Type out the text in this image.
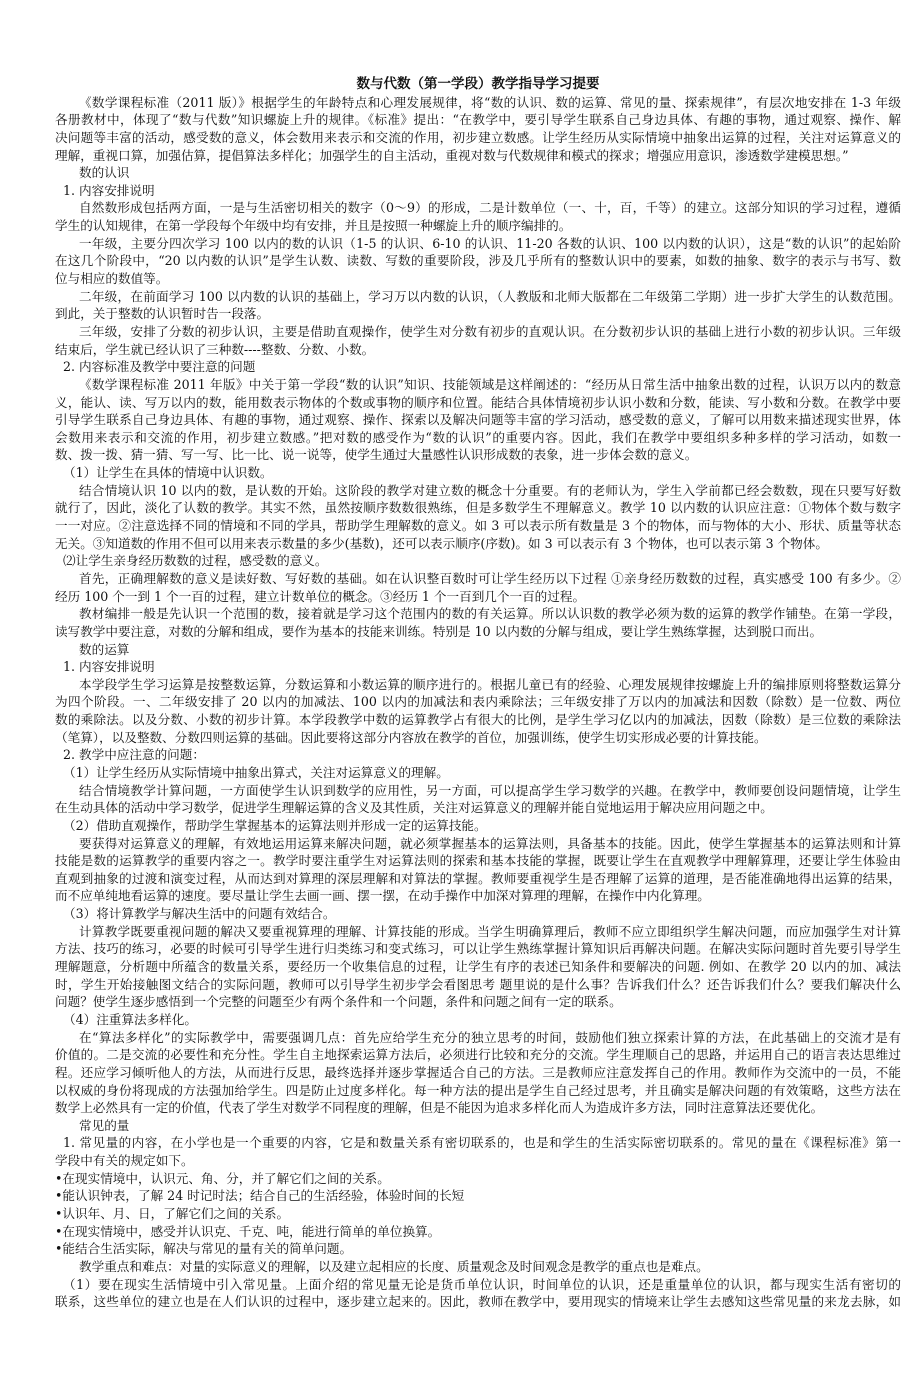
数与代数（第一学段）教学指导学习提要
《数学课程标准（2011 版）》根据学生的年龄特点和心理发展规律，将“数的认识、数的运算、常见的量、探索规律”，有层次地安排在 1-3 年级
各册教材中，体现了“数与代数”知识螺旋上升的规律。《标准》提出：“在教学中，要引导学生联系自己身边具体、有趣的事物，通过观察、操作、解
决问题等丰富的活动，感受数的意义，体会数用来表示和交流的作用，初步建立数感。让学生经历从实际情境中抽象出运算的过程，关注对运算意义的
理解，重视口算，加强估算，提倡算法多样化；加强学生的自主活动，重视对数与代数规律和模式的探求；增强应用意识，渗透数学建模思想。”
数的认识
1. 内容安排说明
自然数形成包括两方面，一是与生活密切相关的数字（0～9）的形成，二是计数单位（一、十，百，千等）的建立。这部分知识的学习过程，遵循
学生的认知规律，在第一学段每个年级中均有安排，并且是按照一种螺旋上升的顺序编排的。
一年级，主要分四次学习 100 以内的数的认识（1-5 的认识、6-10 的认识、11-20 各数的认识、100 以内数的认识），这是“数的认识”的起始阶
在这几个阶段中，“20 以内数的认识”是学生认数、读数、写数的重要阶段，涉及几乎所有的整数认识中的要素，如数的抽象、数字的表示与书写、数
位与相应的数值等。
二年级，在前面学习 100 以内数的认识的基础上，学习万以内数的认识，（人教版和北师大版都在二年级第二学期）进一步扩大学生的认数范围。
到此，关于整数的认识暂时告一段落。
三年级，安排了分数的初步认识，主要是借助直观操作，使学生对分数有初步的直观认识。在分数初步认识的基础上进行小数的初步认识。三年级
结束后，学生就已经认识了三种数----整数、分数、小数。
2. 内容标准及教学中要注意的问题
《数学课程标准 2011 年版》中关于第一学段“数的认识”知识、技能领域是这样阐述的：“经历从日常生活中抽象出数的过程，认识万以内的数意
义，能认、读、写万以内的数，能用数表示物体的个数或事物的顺序和位置。能结合具体情境初步认识小数和分数，能读、写小数和分数。在教学中要
引导学生联系自己身边具体、有趣的事物，通过观察、操作、探索以及解决问题等丰富的学习活动，感受数的意义，了解可以用数来描述现实世界，体
会数用来表示和交流的作用，初步建立数感。”把对数的感受作为“数的认识”的重要内容。因此，我们在教学中要组织多种多样的学习活动，如数一
数、拨一拨、猜一猜、写一写、比一比、说一说等，使学生通过大量感性认识形成数的表象，进一步体会数的意义。
（1）让学生在具体的情境中认识数。
结合情境认识 10 以内的数，是认数的开始。这阶段的教学对建立数的概念十分重要。有的老师认为，学生入学前都已经会数数，现在只要写好数
就行了，因此，淡化了认数的教学。其实不然，虽然按顺序数数很熟练，但是多数学生不理解意义。教学 10 以内数的认识应注意：①物体个数与数字
一一对应。②注意选择不同的情境和不同的学具，帮助学生理解数的意义。如 3 可以表示所有数量是 3 个的物体，而与物体的大小、形状、质量等状态
无关。③知道数的作用不但可以用来表示数量的多少(基数)，还可以表示顺序(序数)。如 3 可以表示有 3 个物体，也可以表示第 3 个物体。
⑵让学生亲身经历数数的过程，感受数的意义。
首先，正确理解数的意义是读好数、写好数的基础。如在认识整百数时可让学生经历以下过程 ①亲身经历数数的过程，真实感受 100 有多少。②
经历 100 个一到 1 个一百的过程，建立计数单位的概念。③经历 1 个一百到几个一百的过程。
教材编排一般是先认识一个范围的数，接着就是学习这个范围内的数的有关运算。所以认识数的教学必须为数的运算的教学作铺垫。在第一学段，
读写教学中要注意，对数的分解和组成，要作为基本的技能来训练。特别是 10 以内数的分解与组成，要让学生熟练掌握，达到脱口而出。
数的运算
1. 内容安排说明
本学段学生学习运算是按整数运算，分数运算和小数运算的顺序进行的。根据儿童已有的经验、心理发展规律按螺旋上升的编排原则将整数运算分
为四个阶段。一、二年级安排了 20 以内的加减法、100 以内的加减法和表内乘除法；三年级安排了万以内的加减法和因数（除数）是一位数、两位
数的乘除法。以及分数、小数的初步计算。本学段教学中数的运算教学占有很大的比例，是学生学习亿以内的加减法，因数（除数）是三位数的乘除法
（笔算），以及整数、分数四则运算的基础。因此要将这部分内容放在教学的首位，加强训练，使学生切实形成必要的计算技能。
2. 教学中应注意的问题：
（1）让学生经历从实际情境中抽象出算式，关注对运算意义的理解。
结合情境教学计算问题，一方面使学生认识到数学的应用性，另一方面，可以提高学生学习数学的兴趣。在教学中，教师要创设问题情境，让学生
在生动具体的活动中学习数学，促进学生理解运算的含义及其性质，关注对运算意义的理解并能自觉地运用于解决应用问题之中。
（2）借助直观操作，帮助学生掌握基本的运算法则并形成一定的运算技能。
要获得对运算意义的理解，有效地运用运算来解决问题，就必须掌握基本的运算法则，具备基本的技能。因此，使学生掌握基本的运算法则和计算
技能是数的运算教学的重要内容之一。教学时要注重学生对运算法则的探索和基本技能的掌握，既要让学生在直观教学中理解算理，还要让学生体验由
直观到抽象的过渡和演变过程，从而达到对算理的深层理解和对算法的掌握。教师要重视学生是否理解了运算的道理，是否能准确地得出运算的结果，
而不应单纯地看运算的速度。要尽量让学生去画一画、摆一摆，在动手操作中加深对算理的理解，在操作中内化算理。
（3）将计算教学与解决生活中的问题有效结合。
计算教学既要重视问题的解决又要重视算理的理解、计算技能的形成。当学生明确算理后，教师不应立即组织学生解决问题，而应加强学生对计算
方法、技巧的练习，必要的时候可引导学生进行归类练习和变式练习，可以让学生熟练掌握计算知识后再解决问题。在解决实际问题时首先要引导学生
理解题意，分析题中所蕴含的数量关系，要经历一个收集信息的过程，让学生有序的表述已知条件和要解决的问题. 例如、在教学 20 以内的加、减法
时，学生开始接触图文结合的实际问题，教师可以引导学生初步学会看图思考 题里说的是什么事？告诉我们什么？还告诉我们什么？要我们解决什么
问题？使学生逐步感悟到一个完整的问题至少有两个条件和一个问题，条件和问题之间有一定的联系。
（4）注重算法多样化。
在“算法多样化”的实际教学中，需要强调几点：首先应给学生充分的独立思考的时间，鼓励他们独立探索计算的方法，在此基础上的交流才是有
价值的。二是交流的必要性和充分性。学生自主地探索运算方法后，必须进行比较和充分的交流。学生理顺自己的思路，并运用自己的语言表达思维过
程。还应学习倾听他人的方法，从而进行反思，最终选择并逐步掌握适合自己的方法。三是教师应注意发挥自己的作用。教师作为交流中的一员，不能
以权威的身份将现成的方法强加给学生。四是防止过度多样化。每一种方法的提出是学生自己经过思考，并且确实是解决问题的有效策略，这些方法在
数学上必然具有一定的价值，代表了学生对数学不同程度的理解，但是不能因为追求多样化而人为造成许多方法，同时注意算法还要优化。
常见的量
1. 常见量的内容，在小学也是一个重要的内容，它是和数量关系有密切联系的，也是和学生的生活实际密切联系的。常见的量在《课程标准》第一
学段中有关的规定如下。
•在现实情境中，认识元、角、分，并了解它们之间的关系。
•能认识钟表，了解 24 时记时法；结合自己的生活经验，体验时间的长短
•认识年、月、日，了解它们之间的关系。
•在现实情境中，感受并认识克、千克、吨，能进行简单的单位换算。
•能结合生活实际，解决与常见的量有关的简单问题。
教学重点和难点：对量的实际意义的理解，以及建立起相应的长度、质量观念及时间观念是教学的重点也是难点。
（1）要在现实生活情境中引入常见量。上面介绍的常见量无论是货币单位认识，时间单位的认识，还是重量单位的认识，都与现实生活有密切的
联系，这些单位的建立也是在人们认识的过程中，逐步建立起来的。因此，教师在教学中，要用现实的情境来让学生去感知这些常见量的来龙去脉，如
